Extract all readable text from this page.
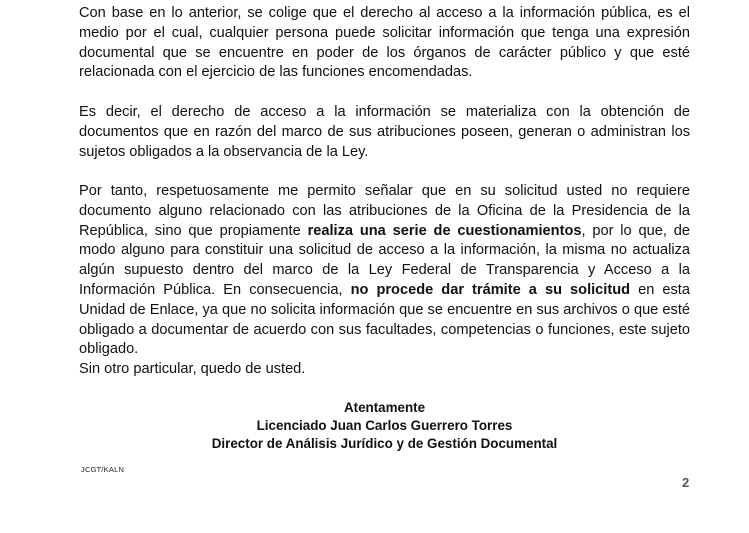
Con base en lo anterior, se colige que el derecho al acceso a la información pública, es el medio por el cual, cualquier persona puede solicitar información que tenga una expresión documental que se encuentre en poder de los órganos de carácter público y que esté relacionada con el ejercicio de las funciones encomendadas.

Es decir, el derecho de acceso a la información se materializa con la obtención de documentos que en razón del marco de sus atribuciones poseen, generan o administran los sujetos obligados a la observancia de la Ley.

Por tanto, respetuosamente me permito señalar que en su solicitud usted no requiere documento alguno relacionado con las atribuciones de la Oficina de la Presidencia de la República, sino que propiamente realiza una serie de cuestionamientos, por lo que, de modo alguno para constituir una solicitud de acceso a la información, la misma no actualiza algún supuesto dentro del marco de la Ley Federal de Transparencia y Acceso a la Información Pública. En consecuencia, no procede dar trámite a su solicitud en esta Unidad de Enlace, ya que no solicita información que se encuentre en sus archivos o que esté obligado a documentar de acuerdo con sus facultades, competencias o funciones, este sujeto obligado.

Sin otro particular, quedo de usted.

Atentamente
Licenciado Juan Carlos Guerrero Torres
Director de Análisis Jurídico y de Gestión Documental
JCGT/KALN
2
